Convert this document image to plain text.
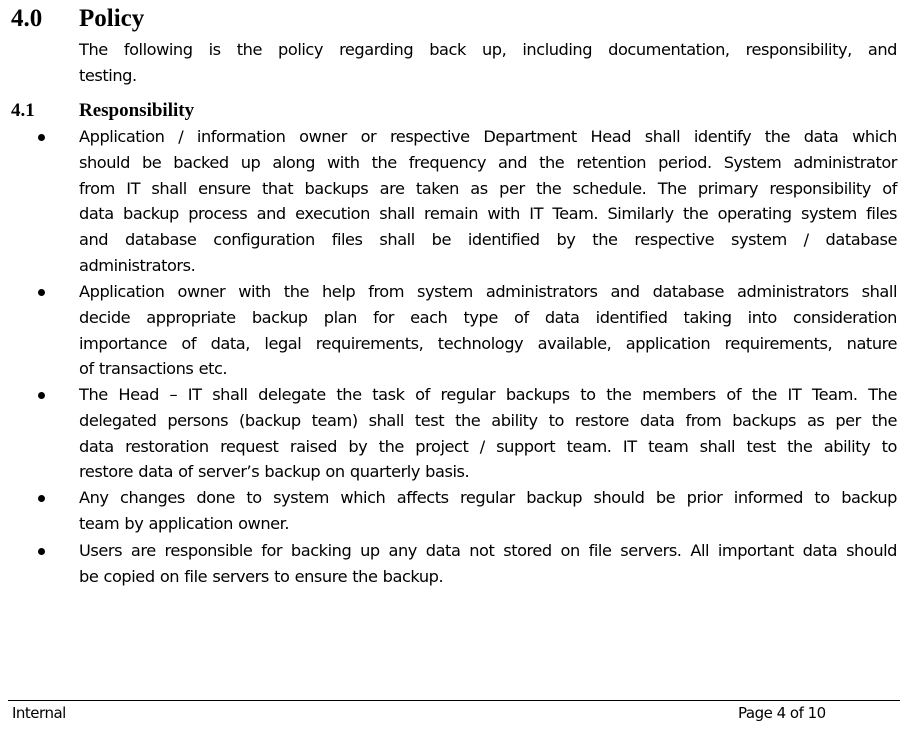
4.0 Policy
The following is the policy regarding back up, including documentation, responsibility, and
testing.
4.1 Responsibility
Application / information owner or respective Department Head shall identify the data which
should be backed up along with the frequency and the retention period. System administrator
from IT shall ensure that backups are taken as per the schedule. The primary responsibility of
data backup process and execution shall remain with IT Team. Similarly the operating system files
and database configuration files shall be identified by the respective system / database
administrators.
Application owner with the help from system administrators and database administrators shall
decide appropriate backup plan for each type of data identified taking into consideration
importance of data, legal requirements, technology available, application requirements, nature
of transactions etc.
The Head – IT shall delegate the task of regular backups to the members of the IT Team. The
delegated persons (backup team) shall test the ability to restore data from backups as per the
data restoration request raised by the project / support team. IT team shall test the ability to
restore data of server’s backup on quarterly basis.
Any changes done to system which affects regular backup should be prior informed to backup
team by application owner.
Users are responsible for backing up any data not stored on file servers. All important data should
be copied on file servers to ensure the backup.
Internal	Page 4 of 10
